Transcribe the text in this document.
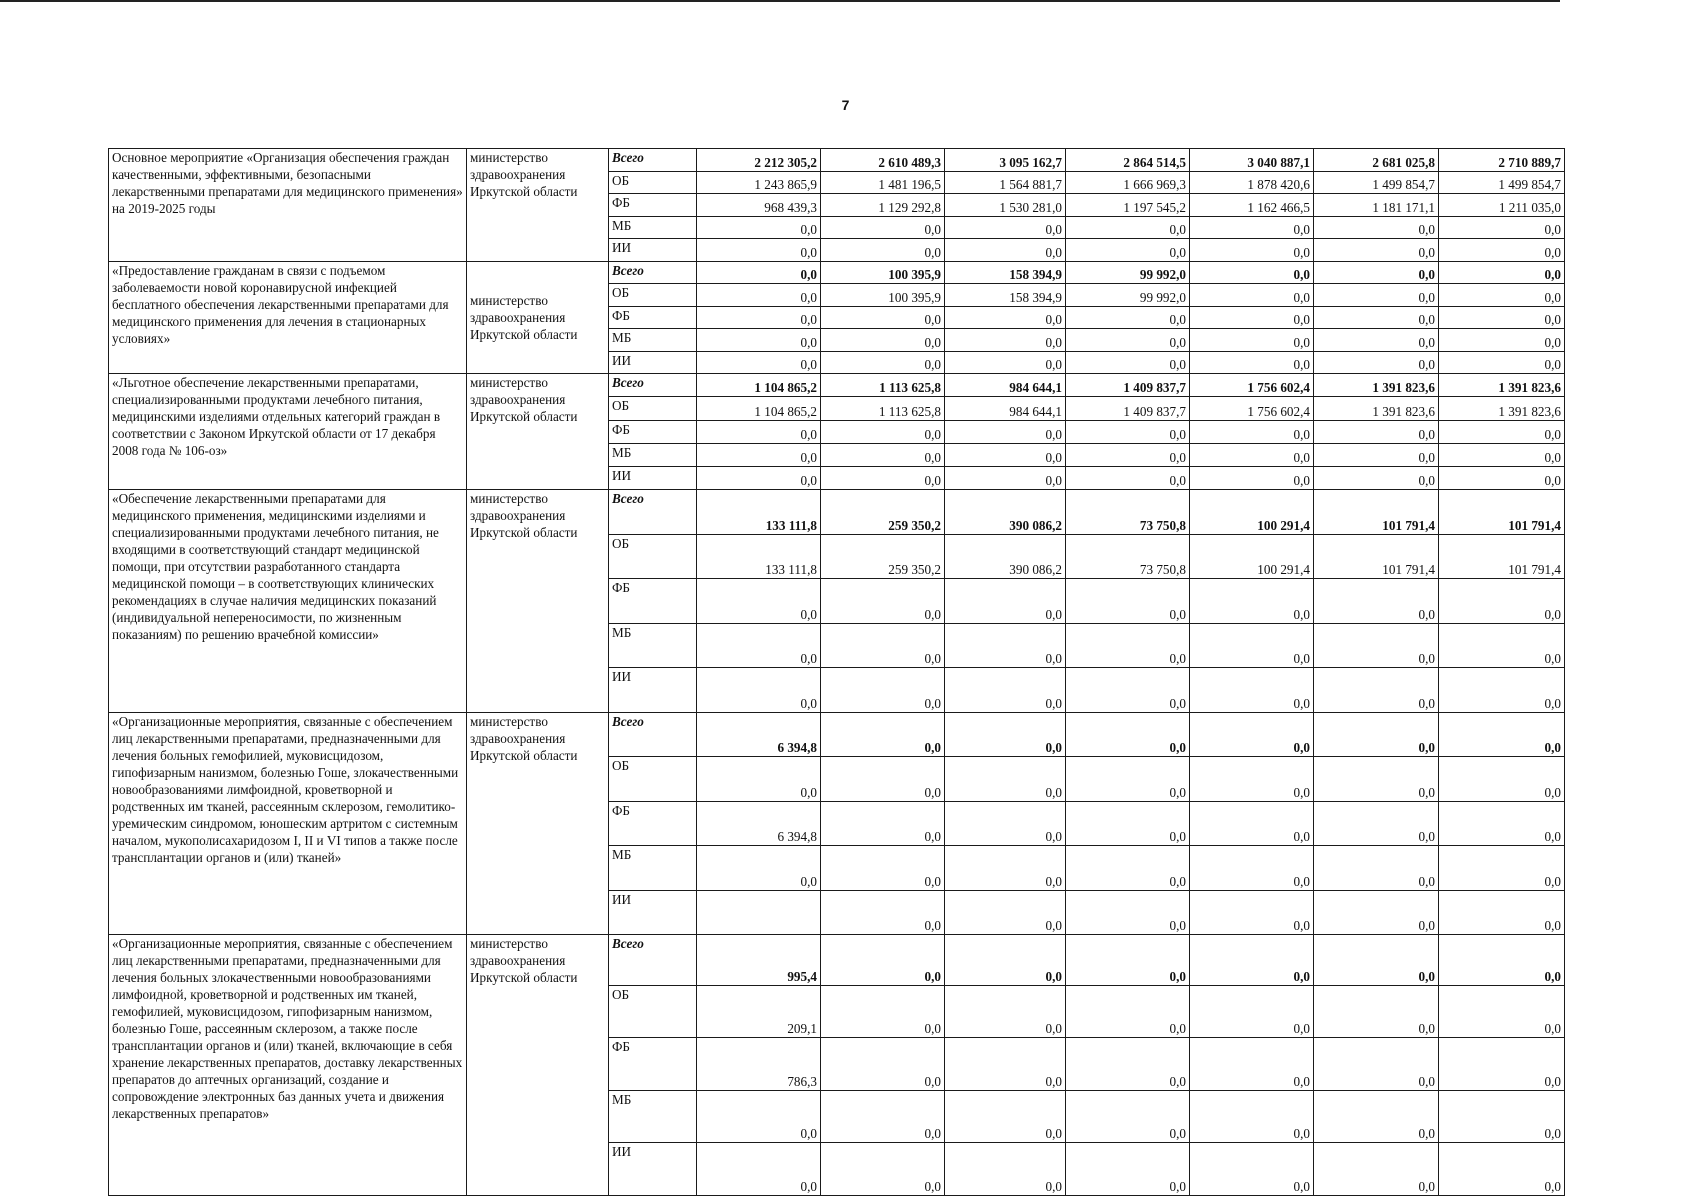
7
Основное мероприятие «Организация обеспечения граждан качественными, эффективными, безопасными лекарственными препаратами для медицинского применения» на 2019-2025 годы	министерство здравоохранения Иркутской области	Всего	2 212 305,2	2 610 489,3	3 095 162,7	2 864 514,5	3 040 887,1	2 681 025,8	2 710 889,7
		ОБ	1 243 865,9	1 481 196,5	1 564 881,7	1 666 969,3	1 878 420,6	1 499 854,7	1 499 854,7
		ФБ	968 439,3	1 129 292,8	1 530 281,0	1 197 545,2	1 162 466,5	1 181 171,1	1 211 035,0
		МБ	0,0	0,0	0,0	0,0	0,0	0,0	0,0
		ИИ	0,0	0,0	0,0	0,0	0,0	0,0	0,0
«Предоставление гражданам в связи с подъемом заболеваемости новой коронавирусной инфекцией бесплатного обеспечения лекарственными препаратами для медицинского применения для лечения в стационарных условиях»	министерство здравоохранения Иркутской области	Всего	0,0	100 395,9	158 394,9	99 992,0	0,0	0,0	0,0
		ОБ	0,0	100 395,9	158 394,9	99 992,0	0,0	0,0	0,0
		ФБ	0,0	0,0	0,0	0,0	0,0	0,0	0,0
		МБ	0,0	0,0	0,0	0,0	0,0	0,0	0,0
		ИИ	0,0	0,0	0,0	0,0	0,0	0,0	0,0
«Льготное обеспечение лекарственными препаратами, специализированными продуктами лечебного питания, медицинскими изделиями отдельных категорий граждан в соответствии с Законом Иркутской области от 17 декабря 2008 года № 106-оз»	министерство здравоохранения Иркутской области	Всего	1 104 865,2	1 113 625,8	984 644,1	1 409 837,7	1 756 602,4	1 391 823,6	1 391 823,6
		ОБ	1 104 865,2	1 113 625,8	984 644,1	1 409 837,7	1 756 602,4	1 391 823,6	1 391 823,6
		ФБ	0,0	0,0	0,0	0,0	0,0	0,0	0,0
		МБ	0,0	0,0	0,0	0,0	0,0	0,0	0,0
		ИИ	0,0	0,0	0,0	0,0	0,0	0,0	0,0
«Обеспечение лекарственными препаратами для медицинского применения, медицинскими изделиями и специализированными продуктами лечебного питания, не входящими в соответствующий стандарт медицинской помощи, при отсутствии разработанного стандарта медицинской помощи – в соответствующих клинических рекомендациях в случае наличия медицинских показаний (индивидуальной непереносимости, по жизненным показаниям) по решению врачебной комиссии»	министерство здравоохранения Иркутской области	Всего	133 111,8	259 350,2	390 086,2	73 750,8	100 291,4	101 791,4	101 791,4
		ОБ	133 111,8	259 350,2	390 086,2	73 750,8	100 291,4	101 791,4	101 791,4
		ФБ	0,0	0,0	0,0	0,0	0,0	0,0	0,0
		МБ	0,0	0,0	0,0	0,0	0,0	0,0	0,0
		ИИ	0,0	0,0	0,0	0,0	0,0	0,0	0,0
«Организационные мероприятия, связанные с обеспечением лиц лекарственными препаратами, предназначенными для лечения больных гемофилией, муковисцидозом, гипофизарным нанизмом, болезнью Гоше, злокачественными новообразованиями лимфоидной, кроветворной и родственных им тканей, рассеянным склерозом, гемолитико-уремическим синдромом, юношеским артритом с системным началом, мукополисахаридозом I, II и VI типов а также после трансплантации органов и (или) тканей»	министерство здравоохранения Иркутской области	Всего	6 394,8	0,0	0,0	0,0	0,0	0,0	0,0
		ОБ	0,0	0,0	0,0	0,0	0,0	0,0	0,0
		ФБ	6 394,8	0,0	0,0	0,0	0,0	0,0	0,0
		МБ	0,0	0,0	0,0	0,0	0,0	0,0	0,0
		ИИ		0,0	0,0	0,0	0,0	0,0	0,0
«Организационные мероприятия, связанные с обеспечением лиц лекарственными препаратами, предназначенными для лечения больных злокачественными новообразованиями лимфоидной, кроветворной и родственных им тканей, гемофилией, муковисцидозом, гипофизарным нанизмом, болезнью Гоше, рассеянным склерозом, а также после трансплантации органов и (или) тканей, включающие в себя хранение лекарственных препаратов, доставку лекарственных препаратов до аптечных организаций, создание и сопровождение электронных баз данных учета и движения лекарственных препаратов»	министерство здравоохранения Иркутской области	Всего	995,4	0,0	0,0	0,0	0,0	0,0	0,0
		ОБ	209,1	0,0	0,0	0,0	0,0	0,0	0,0
		ФБ	786,3	0,0	0,0	0,0	0,0	0,0	0,0
		МБ	0,0	0,0	0,0	0,0	0,0	0,0	0,0
		ИИ	0,0	0,0	0,0	0,0	0,0	0,0	0,0
